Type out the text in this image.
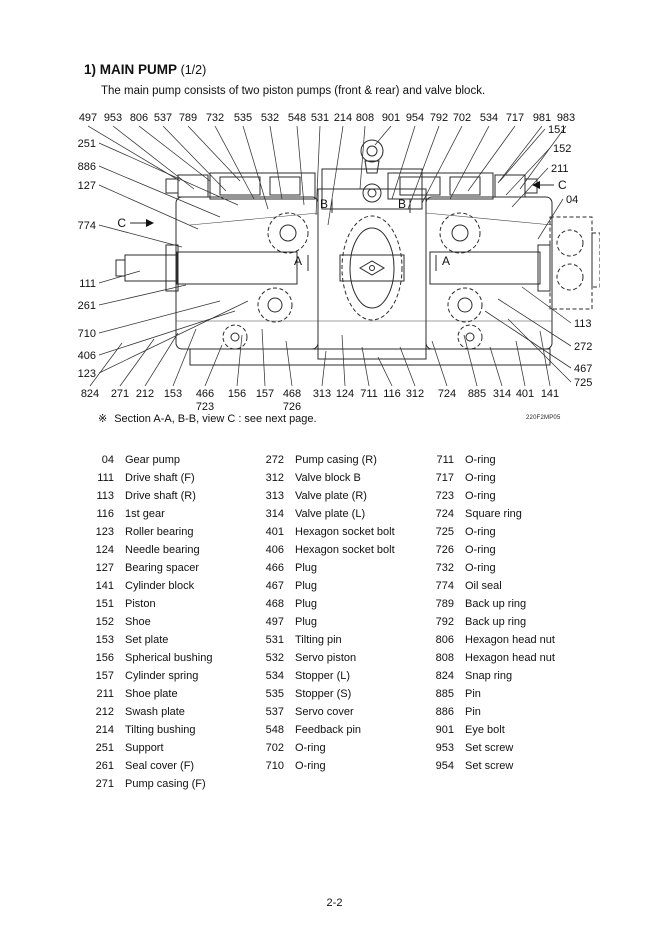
1) MAIN PUMP (1/2)
The main pump consists of two piston pumps (front & rear) and valve block.
A	A
B	B
C
C
497 953 806 537 789 732 535 532 548 531 214 808 901 954 792 702 534 717 981 983
251
886
127
774
111
261
710
406
123
151
152
211
04
113
272
467
725
824 271 212 153 466
723
156 157 468
726
313 124 711 116 312 724 885 314 401 141
※ Section A-A, B-B, view C : see next page.	220F2MP05
04 Gear pump
111 Drive shaft (F)
113 Drive shaft (R)
116 1st gear
123 Roller bearing
124 Needle bearing
127 Bearing spacer
141 Cylinder block
151 Piston
152 Shoe
153 Set plate
156 Spherical bushing
157 Cylinder spring
211 Shoe plate
212 Swash plate
214 Tilting bushing
251 Support
261 Seal cover (F)
271 Pump casing (F)
272 Pump casing (R)
312 Valve block B
313 Valve plate (R)
314 Valve plate (L)
401 Hexagon socket bolt
406 Hexagon socket bolt
466 Plug
467 Plug
468 Plug
497 Plug
531 Tilting pin
532 Servo piston
534 Stopper (L)
535 Stopper (S)
537 Servo cover
548 Feedback pin
702 O-ring
710 O-ring
711 O-ring
717 O-ring
723 O-ring
724 Square ring
725 O-ring
726 O-ring
732 O-ring
774 Oil seal
789 Back up ring
792 Back up ring
806 Hexagon head nut
808 Hexagon head nut
824 Snap ring
885 Pin
886 Pin
901 Eye bolt
953 Set screw
954 Set screw
2-2
